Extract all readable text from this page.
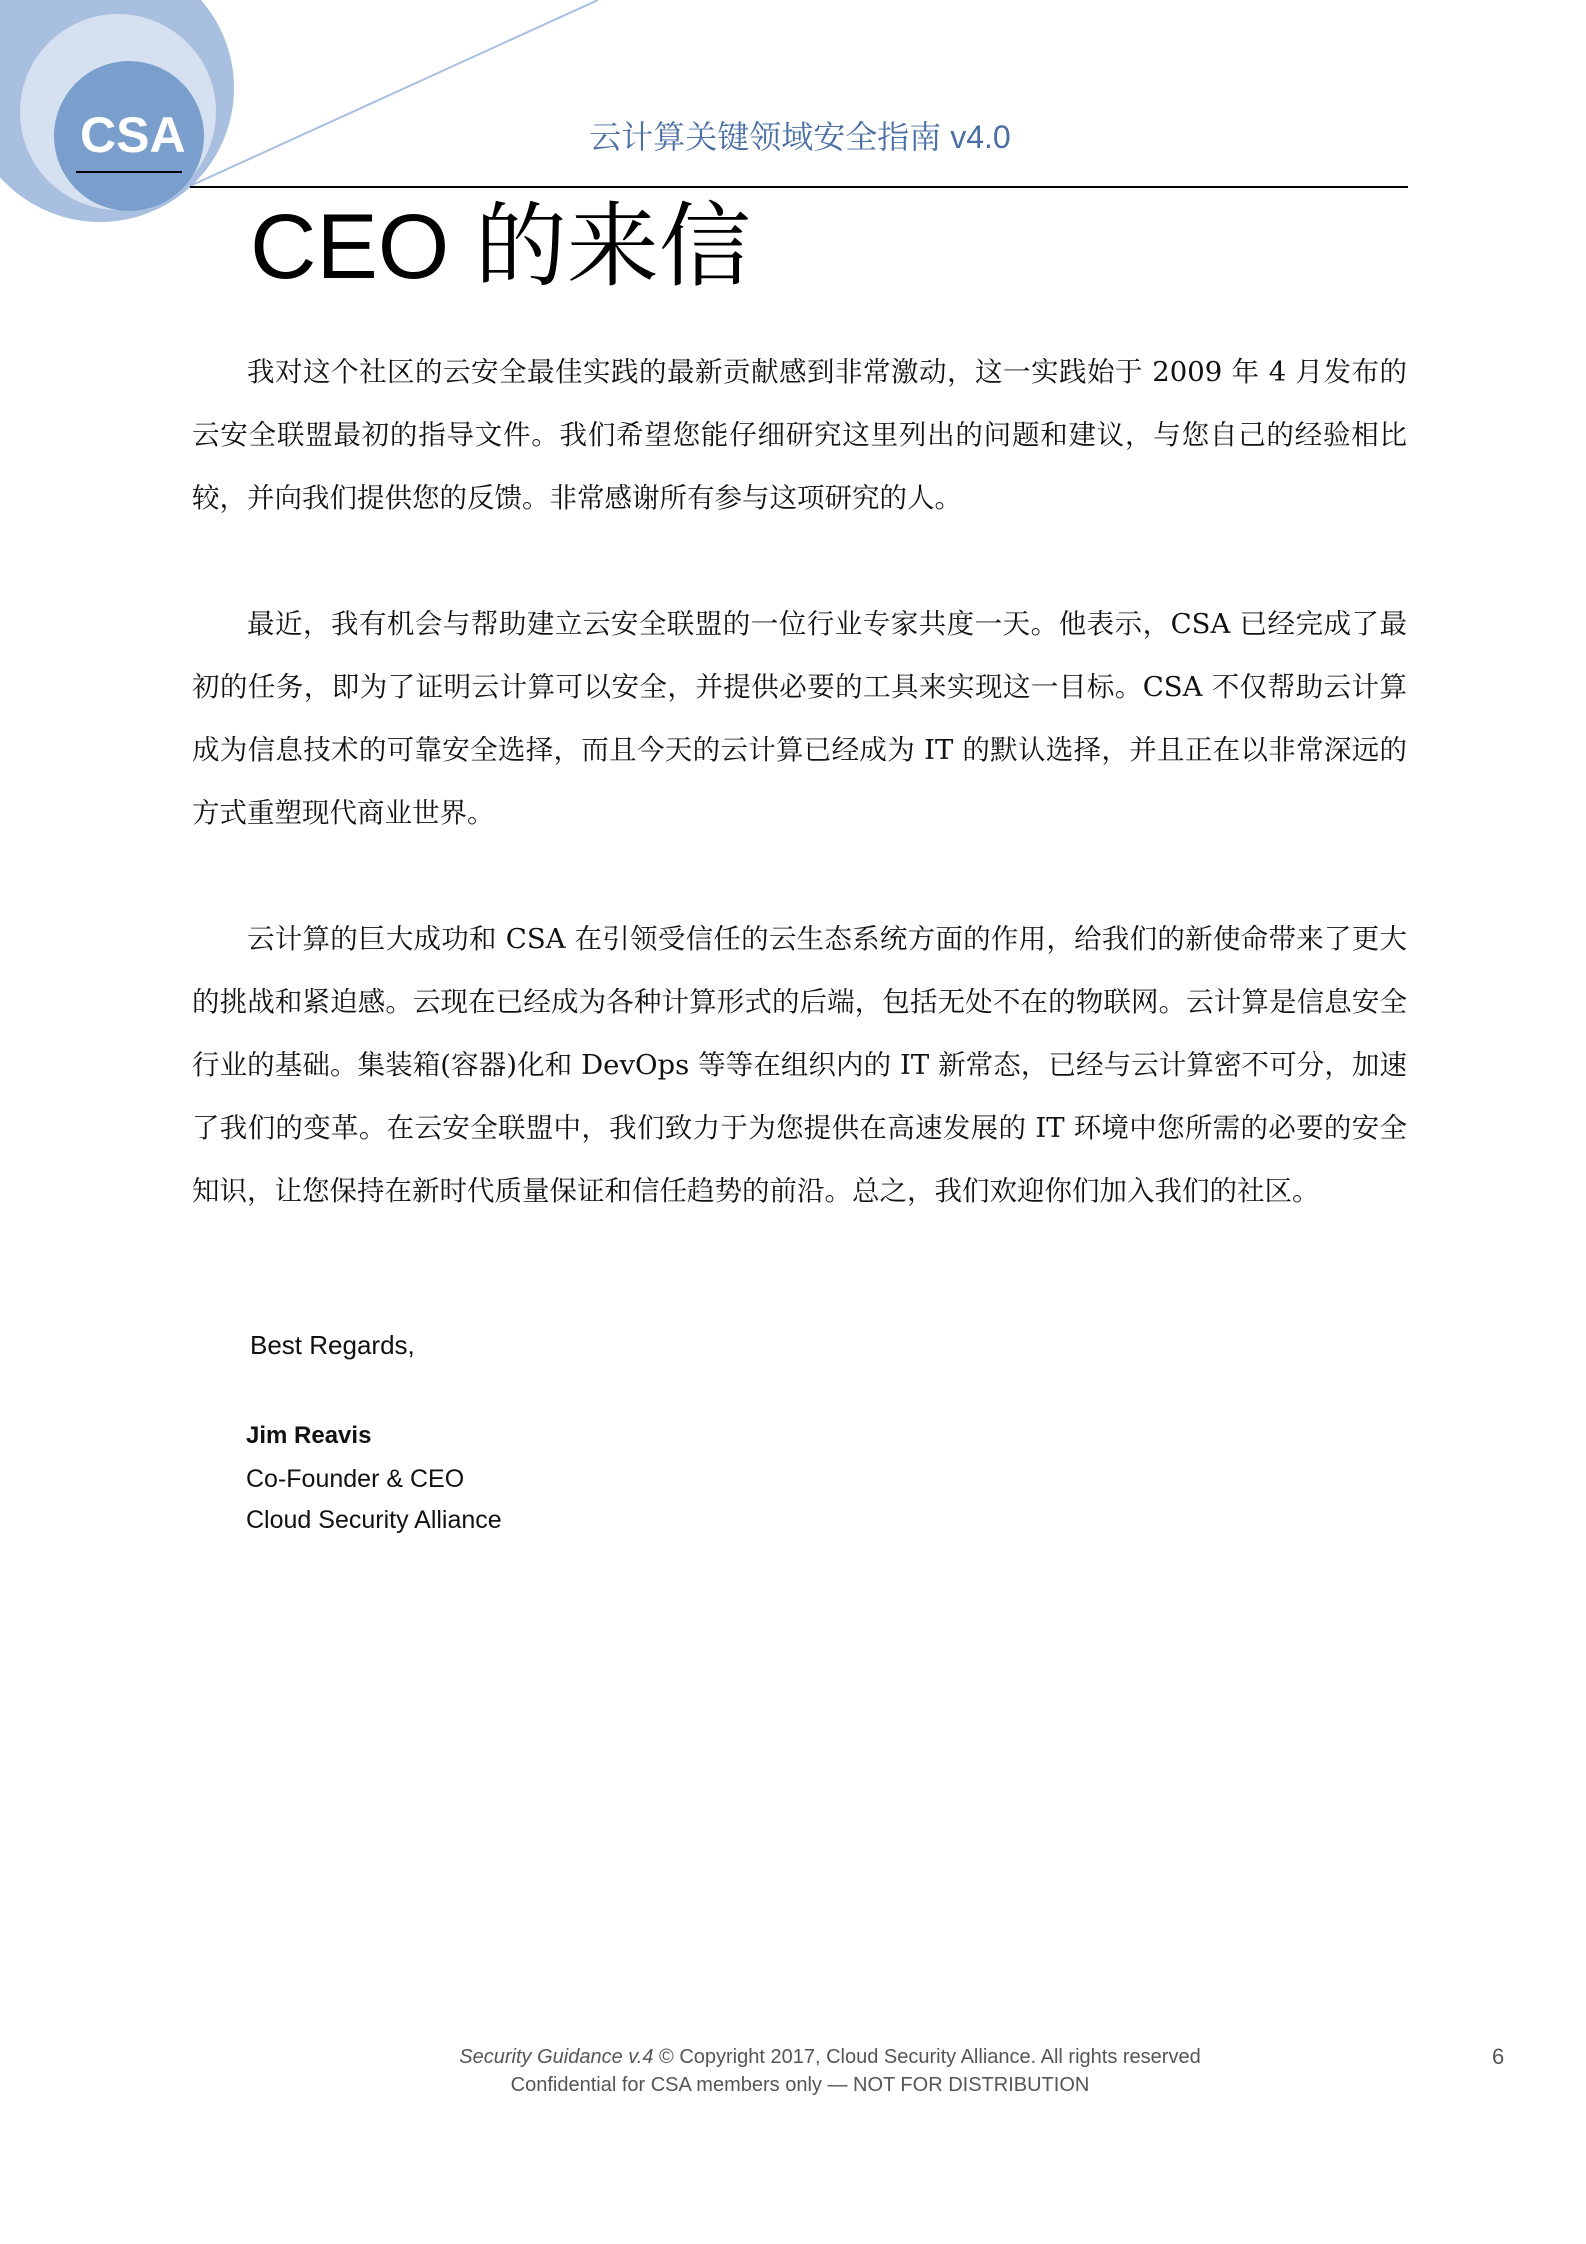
CSA	云计算关键领域安全指南 v4.0
CEO 的来信

我对这个社区的云安全最佳实践的最新贡献感到非常激动，这一实践始于 2009 年 4 月发布的云安全联盟最初的指导文件。我们希望您能仔细研究这里列出的问题和建议，与您自己的经验相比较，并向我们提供您的反馈。非常感谢所有参与这项研究的人。

最近，我有机会与帮助建立云安全联盟的一位行业专家共度一天。他表示，CSA 已经完成了最初的任务，即为了证明云计算可以安全，并提供必要的工具来实现这一目标。CSA 不仅帮助云计算成为信息技术的可靠安全选择，而且今天的云计算已经成为 IT 的默认选择，并且正在以非常深远的方式重塑现代商业世界。

云计算的巨大成功和 CSA 在引领受信任的云生态系统方面的作用，给我们的新使命带来了更大的挑战和紧迫感。云现在已经成为各种计算形式的后端，包括无处不在的物联网。云计算是信息安全行业的基础。集装箱(容器)化和 DevOps 等等在组织内的 IT 新常态，已经与云计算密不可分，加速了我们的变革。在云安全联盟中，我们致力于为您提供在高速发展的 IT 环境中您所需的必要的安全知识，让您保持在新时代质量保证和信任趋势的前沿。总之，我们欢迎你们加入我们的社区。

Best Regards,
Jim Reavis
Co-Founder & CEO
Cloud Security Alliance
Security Guidance v.4 © Copyright 2017, Cloud Security Alliance. All rights reserved
Confidential for CSA members only — NOT FOR DISTRIBUTION
6
